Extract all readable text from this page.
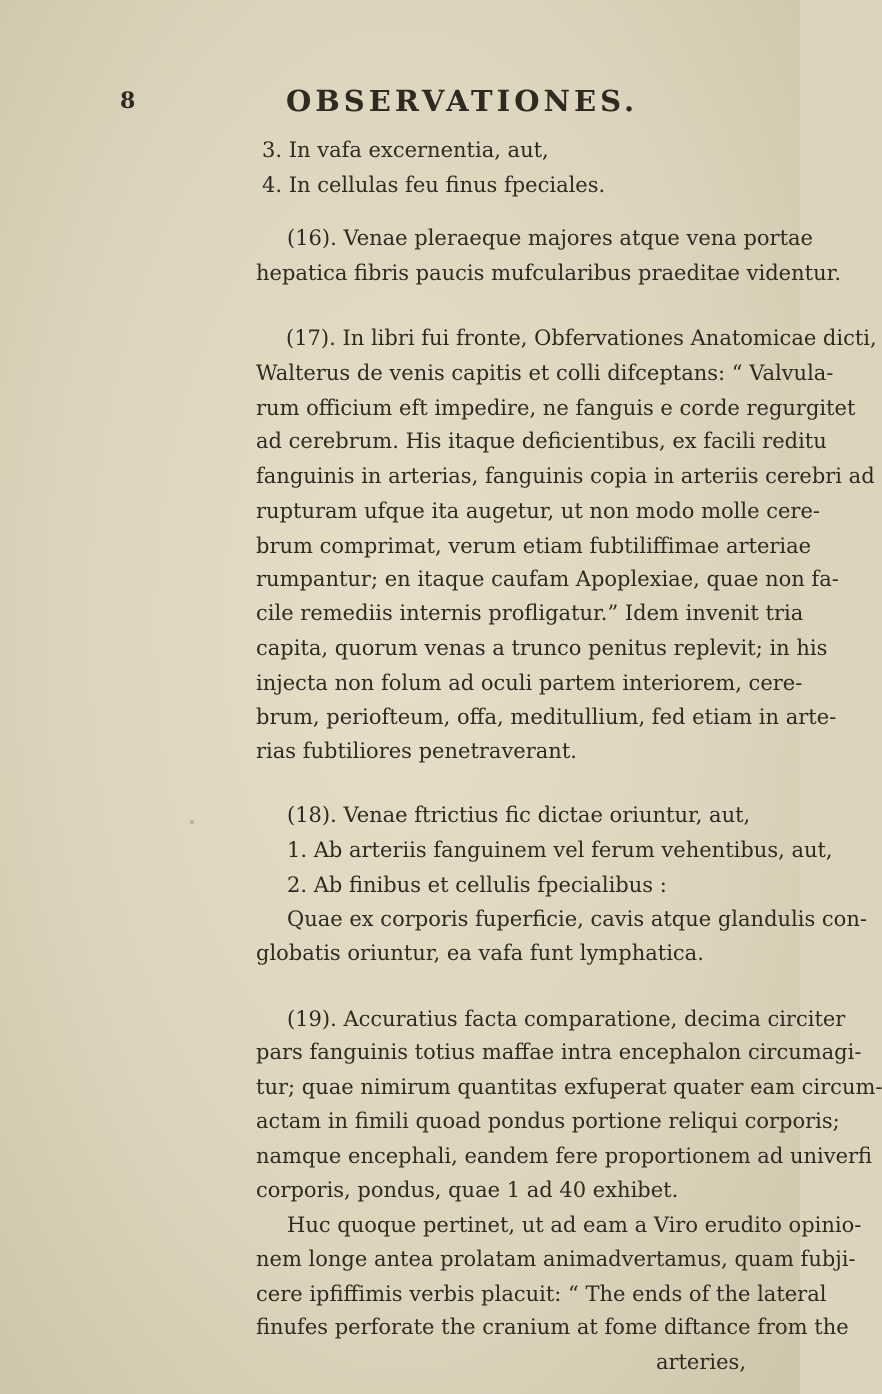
8	OBSERVATIONES.
3. In vafa excernentia, aut,
4. In cellulas feu finus fpeciales.
(16). Venae pleraeque majores atque vena portae
hepatica fibris paucis mufcularibus praeditae videntur.
(17). In libri fui fronte, Obfervationes Anatomicae dicti,
Walterus de venis capitis et colli difceptans: “ Valvula-
rum officium eft impedire, ne fanguis e corde regurgitet
ad cerebrum. His itaque deficientibus, ex facili reditu
fanguinis in arterias, fanguinis copia in arteriis cerebri ad
rupturam ufque ita augetur, ut non modo molle cere-
brum comprimat, verum etiam fubtiliffimae arteriae
rumpantur; en itaque caufam Apoplexiae, quae non fa-
cile remediis internis profligatur.” Idem invenit tria
capita, quorum venas a trunco penitus replevit; in his
injecta non folum ad oculi partem interiorem, cere-
brum, periofteum, offa, meditullium, fed etiam in arte-
rias fubtiliores penetraverant.
(18). Venae ftrictius fic dictae oriuntur, aut,
1. Ab arteriis fanguinem vel ferum vehentibus, aut,
2. Ab finibus et cellulis fpecialibus :
Quae ex corporis fuperficie, cavis atque glandulis con-
globatis oriuntur, ea vafa funt lymphatica.
(19). Accuratius facta comparatione, decima circiter
pars fanguinis totius maffae intra encephalon circumagi-
tur; quae nimirum quantitas exfuperat quater eam circum-
actam in fimili quoad pondus portione reliqui corporis;
namque encephali, eandem fere proportionem ad univerfi
corporis, pondus, quae 1 ad 40 exhibet.
Huc quoque pertinet, ut ad eam a Viro erudito opinio-
nem longe antea prolatam animadvertamus, quam fubji-
cere ipfiffimis verbis placuit: “ The ends of the lateral
finufes perforate the cranium at fome diftance from the
arteries,
